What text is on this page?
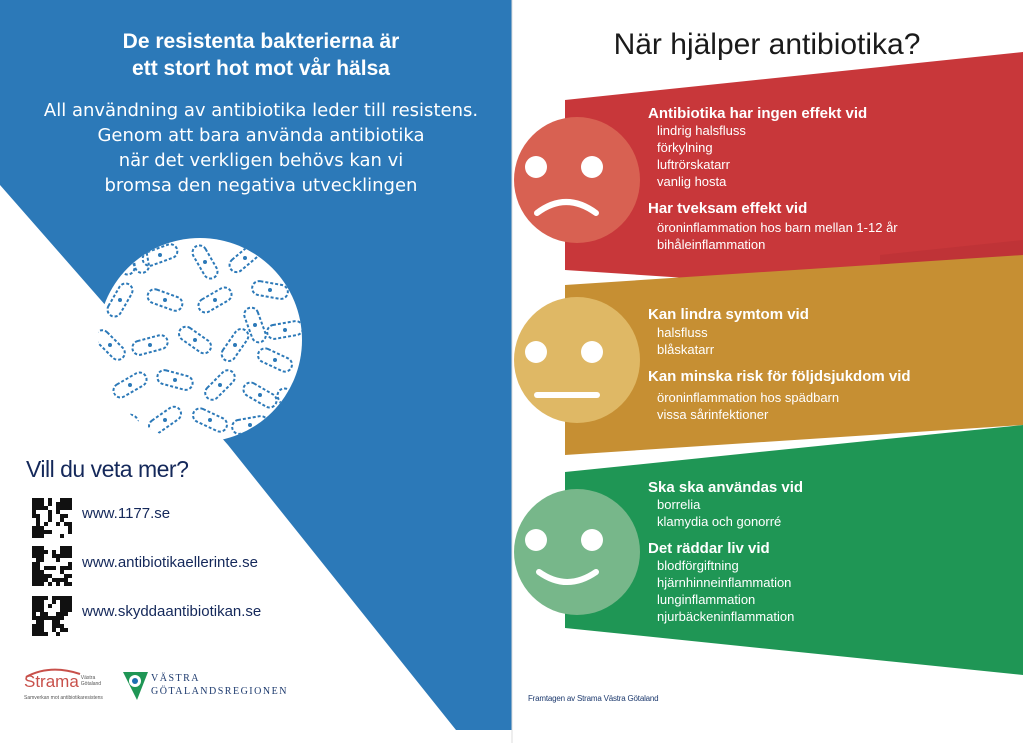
De resistenta bakterierna är
ett stort hot mot vår hälsa
All användning av antibiotika leder till resistens.
Genom att bara använda antibiotika
när det verkligen behövs kan vi
bromsa den negativa utvecklingen
Vill du veta mer?
www.1177.se
www.antibiotikaellerinte.se
www.skyddaantibiotikan.se
Strama Västra
Götaland
Samverkan mot antibiotikaresistens
VÄSTRA
GÖTALANDSREGIONEN
När hjälper antibiotika?
Antibiotika har ingen effekt vid
lindrig halsfluss
förkylning
luftrörskatarr
vanlig hosta
Har tveksam effekt vid
öroninflammation hos barn mellan 1-12 år
bihåleinflammation
Kan lindra symtom vid
halsfluss
blåskatarr
Kan minska risk för följdsjukdom vid
öroninflammation hos spädbarn
vissa sårinfektioner
Ska ska användas vid
borrelia
klamydia och gonorré
Det räddar liv vid
blodförgiftning
hjärnhinneinflammation
lunginflammation
njurbäckeninflammation
Framtagen av Strama Västra Götaland
